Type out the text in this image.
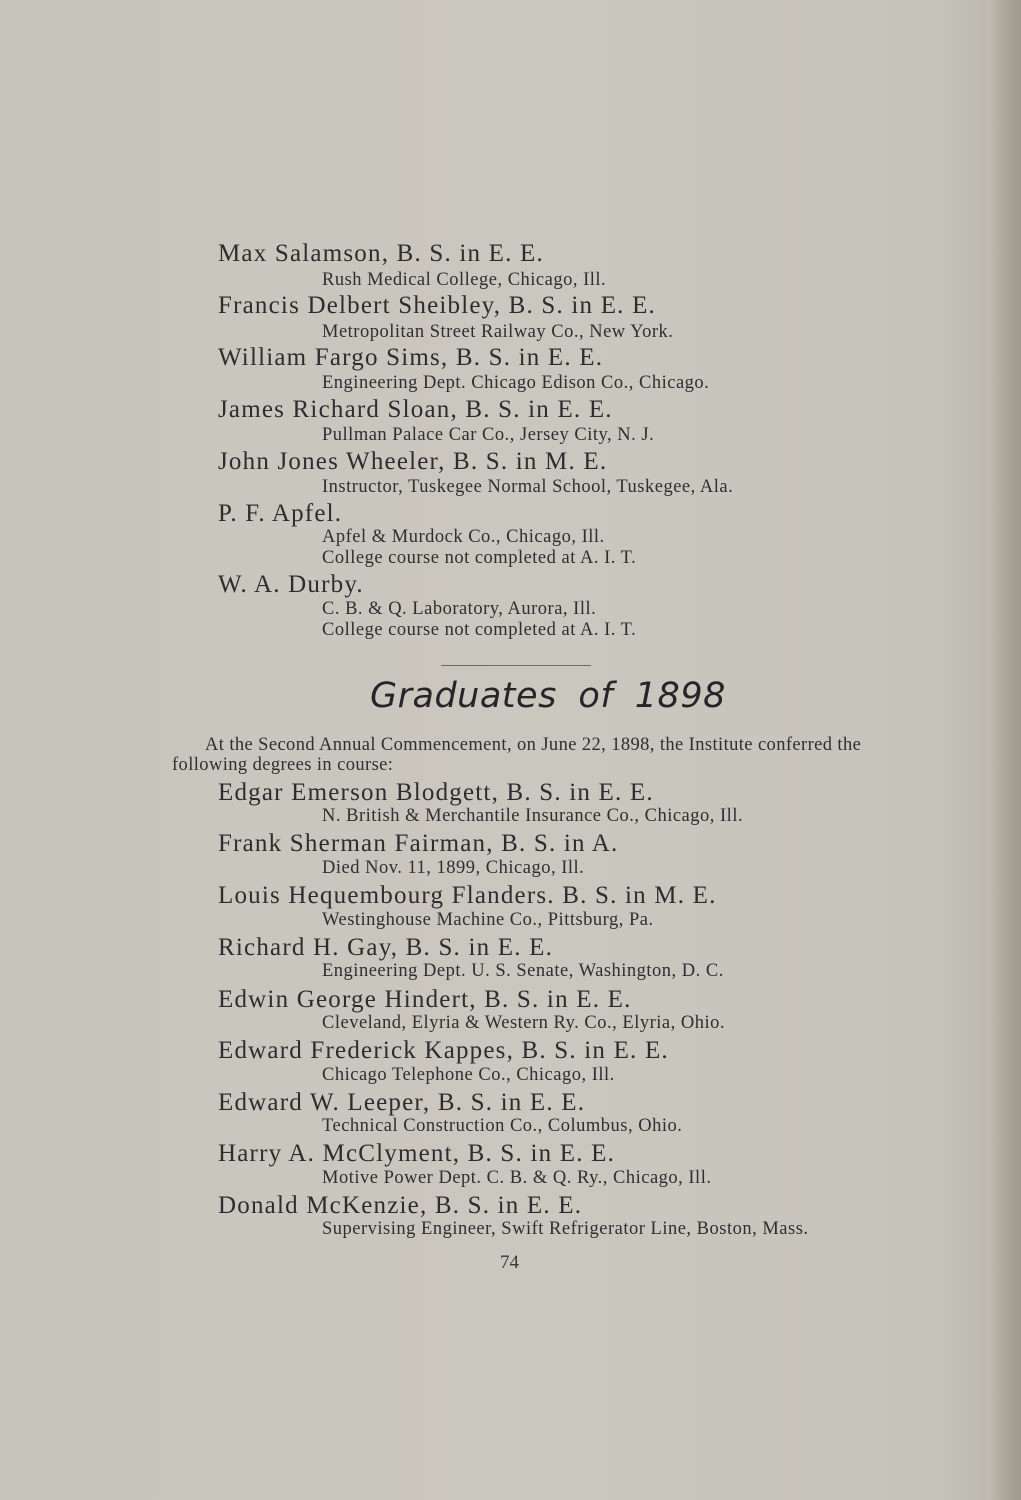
Max Salamson, B. S. in E. E.
Rush Medical College, Chicago, Ill.
Francis Delbert Sheibley, B. S. in E. E.
Metropolitan Street Railway Co., New York.
William Fargo Sims, B. S. in E. E.
Engineering Dept. Chicago Edison Co., Chicago.
James Richard Sloan, B. S. in E. E.
Pullman Palace Car Co., Jersey City, N. J.
John Jones Wheeler, B. S. in M. E.
Instructor, Tuskegee Normal School, Tuskegee, Ala.
P. F. Apfel.
Apfel & Murdock Co., Chicago, Ill.
College course not completed at A. I. T.
W. A. Durby.
C. B. & Q. Laboratory, Aurora, Ill.
College course not completed at A. I. T.
Graduates of 1898
At the Second Annual Commencement, on June 22, 1898, the Institute conferred the
following degrees in course:
Edgar Emerson Blodgett, B. S. in E. E.
N. British & Merchantile Insurance Co., Chicago, Ill.
Frank Sherman Fairman, B. S. in A.
Died Nov. 11, 1899, Chicago, Ill.
Louis Hequembourg Flanders. B. S. in M. E.
Westinghouse Machine Co., Pittsburg, Pa.
Richard H. Gay, B. S. in E. E.
Engineering Dept. U. S. Senate, Washington, D. C.
Edwin George Hindert, B. S. in E. E.
Cleveland, Elyria & Western Ry. Co., Elyria, Ohio.
Edward Frederick Kappes, B. S. in E. E.
Chicago Telephone Co., Chicago, Ill.
Edward W. Leeper, B. S. in E. E.
Technical Construction Co., Columbus, Ohio.
Harry A. McClyment, B. S. in E. E.
Motive Power Dept. C. B. & Q. Ry., Chicago, Ill.
Donald McKenzie, B. S. in E. E.
Supervising Engineer, Swift Refrigerator Line, Boston, Mass.
74
